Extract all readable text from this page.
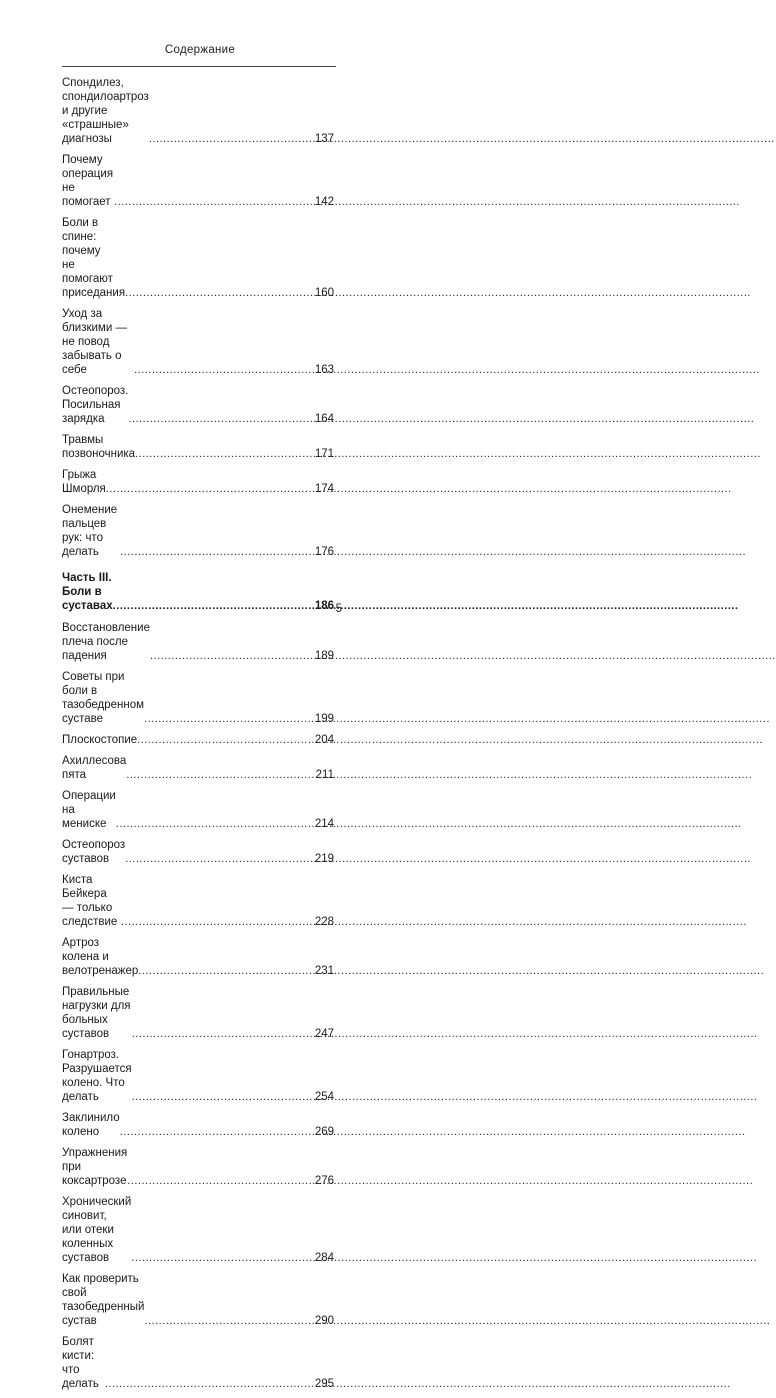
Содержание
Спондилез, спондилоартроз
и другие «страшные» диагнозы .....	137
Почему операция не помогает .....	142
Боли в спине: почему
не помогают приседания .....	160
Уход за близкими — не повод забывать о себе .....	163
Остеопороз. Посильная зарядка .....	164
Травмы позвоночника .....	171
Грыжа Шморля .....	174
Онемение пальцев рук: что делать .....	176
Часть III. Боли в суставах .....	186
Восстановление плеча после падения .....	189
Советы при боли в тазобедренном суставе .....	199
Плоскостопие .....	204
Ахиллесова пята .....	211
Операции на мениске .....	214
Остеопороз суставов .....	219
Киста Бейкера — только следствие .....	228
Артроз колена и велотренажер .....	231
Правильные нагрузки для больных суставов .....	247
Гонартроз. Разрушается колено. Что делать .....	254
Заклинило колено .....	269
Упражнения при коксартрозе .....	276
Хронический синовит,
или отеки коленных суставов .....	284
Как проверить свой тазобедренный сустав .....	290
Болят кисти: что делать .....	295
5
